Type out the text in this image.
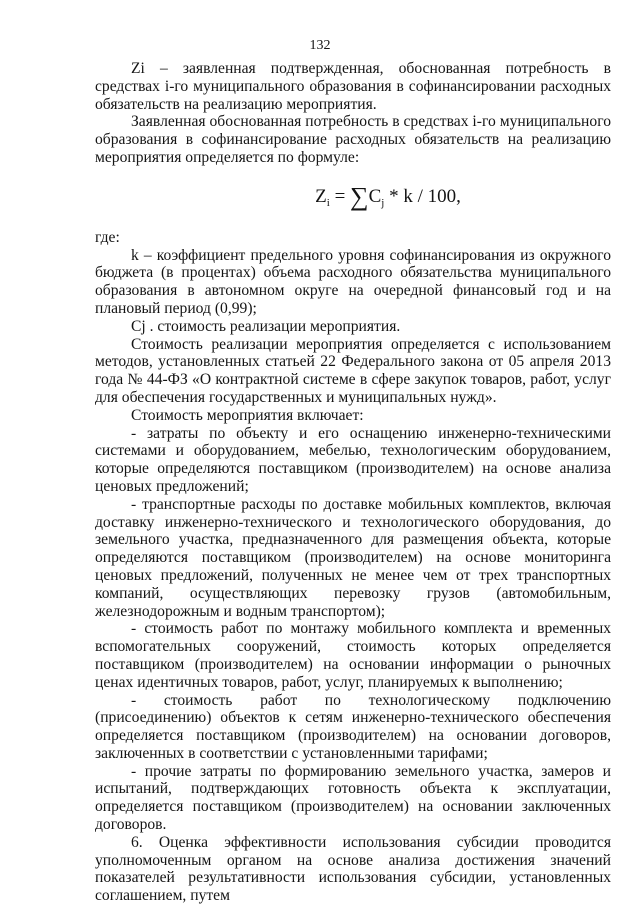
132

Zi – заявленная подтвержденная, обоснованная потребность в средствах i-го муниципального образования в софинансировании расходных обязательств на реализацию мероприятия.

Заявленная обоснованная потребность в средствах i-го муниципального образования в софинансирование расходных обязательств на реализацию мероприятия определяется по формуле:

$Z_i = \sum C_j * k / 100$,

где:

k – коэффициент предельного уровня софинансирования из окружного бюджета (в процентах) объема расходного обязательства муниципального образования в автономном округе на очередной финансовый год и на плановый период (0,99);

Cj . стоимость реализации мероприятия.

Стоимость реализации мероприятия определяется с использованием методов, установленных статьей 22 Федерального закона от 05 апреля 2013 года № 44-ФЗ «О контрактной системе в сфере закупок товаров, работ, услуг для обеспечения государственных и муниципальных нужд».

Стоимость мероприятия включает:

- затраты по объекту и его оснащению инженерно-техническими системами и оборудованием, мебелью, технологическим оборудованием, которые определяются поставщиком (производителем) на основе анализа ценовых предложений;

- транспортные расходы по доставке мобильных комплектов, включая доставку инженерно-технического и технологического оборудования, до земельного участка, предназначенного для размещения объекта, которые определяются поставщиком (производителем) на основе мониторинга ценовых предложений, полученных не менее чем от трех транспортных компаний, осуществляющих перевозку грузов (автомобильным, железнодорожным и водным транспортом);

- стоимость работ по монтажу мобильного комплекта и временных вспомогательных сооружений, стоимость которых определяется поставщиком (производителем) на основании информации о рыночных ценах идентичных товаров, работ, услуг, планируемых к выполнению;

- стоимость работ по технологическому подключению (присоединению) объектов к сетям инженерно-технического обеспечения определяется поставщиком (производителем) на основании договоров, заключенных в соответствии с установленными тарифами;

- прочие затраты по формированию земельного участка, замеров и испытаний, подтверждающих готовность объекта к эксплуатации, определяется поставщиком (производителем) на основании заключенных договоров.

6. Оценка эффективности использования субсидии проводится уполномоченным органом на основе анализа достижения значений показателей результативности использования субсидии, установленных соглашением, путем
